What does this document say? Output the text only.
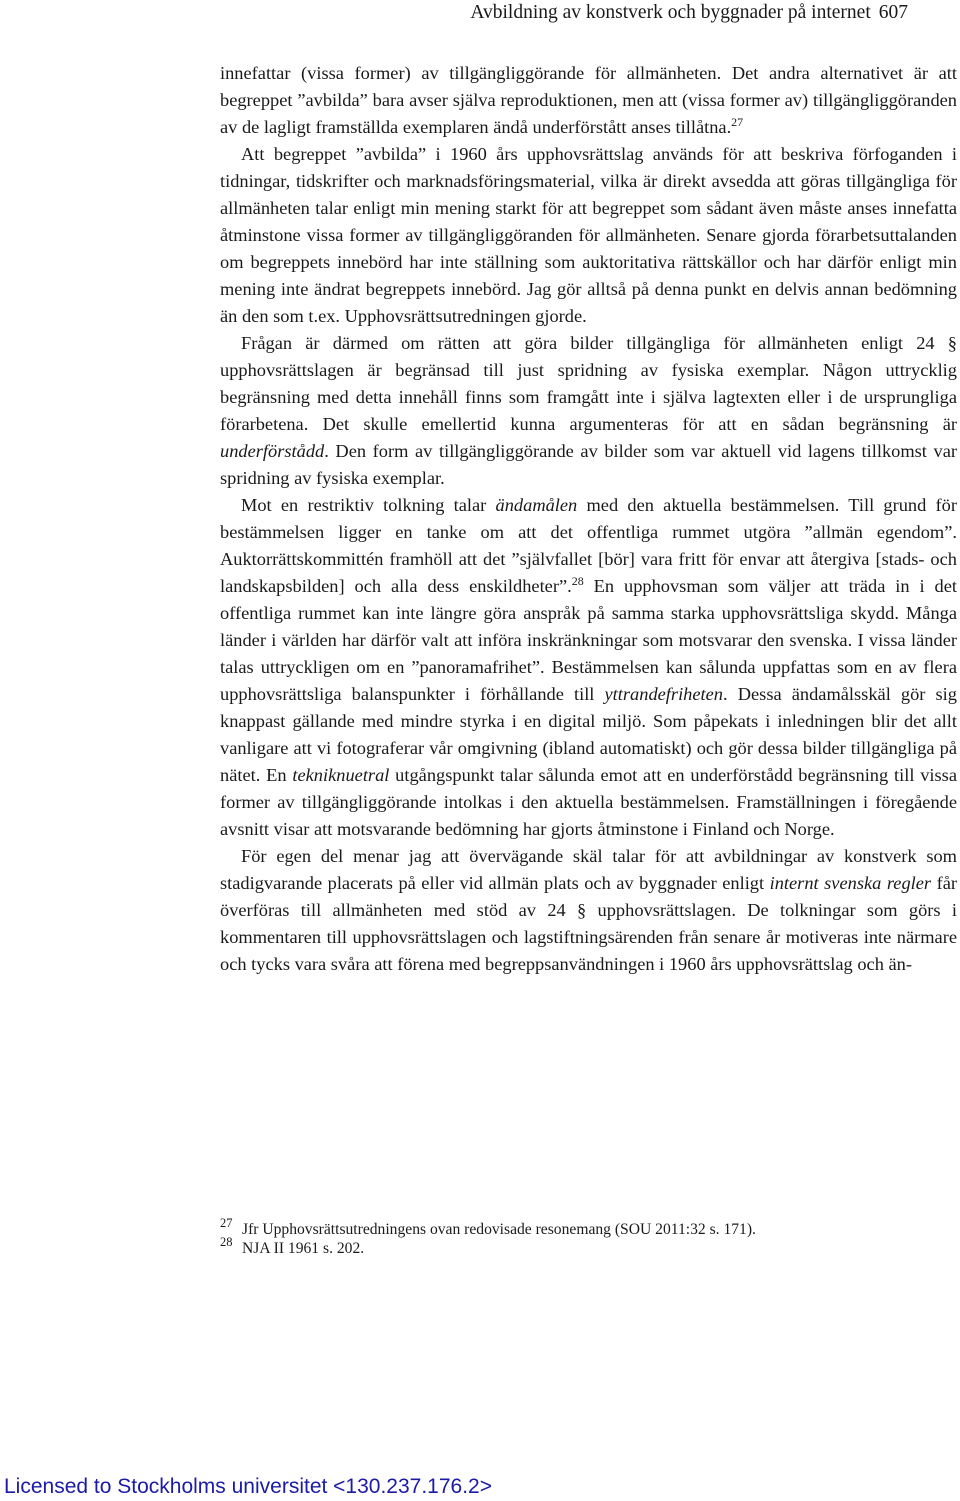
Avbildning av konstverk och byggnader på internet 607

innefattar (vissa former) av tillgängliggörande för allmänheten. Det andra alternativet är att begreppet ”avbilda” bara avser själva reproduktionen, men att (vissa former av) tillgängliggöranden av de lagligt framställda exemplaren ändå underförstått anses tillåtna.$^{27}$

Att begreppet ”avbilda” i 1960 års upphovsrättslag används för att beskriva förfoganden i tidningar, tidskrifter och marknadsföringsmaterial, vilka är direkt avsedda att göras tillgängliga för allmänheten talar enligt min mening starkt för att begreppet som sådant även måste anses innefatta åtminstone vissa former av tillgängliggöranden för allmänheten. Senare gjorda förarbetsuttalanden om begreppets innebörd har inte ställning som auktoritativa rättskällor och har därför enligt min mening inte ändrat begreppets innebörd. Jag gör alltså på denna punkt en delvis annan bedömning än den som t.ex. Upphovsrättsutredningen gjorde.

Frågan är därmed om rätten att göra bilder tillgängliga för allmänheten enligt 24 § upphovsrättslagen är begränsad till just spridning av fysiska exemplar. Någon uttrycklig begränsning med detta innehåll finns som framgått inte i själva lagtexten eller i de ursprungliga förarbetena. Det skulle emellertid kunna argumenteras för att en sådan begränsning är underförstådd. Den form av tillgängliggörande av bilder som var aktuell vid lagens tillkomst var spridning av fysiska exemplar.

Mot en restriktiv tolkning talar ändamålen med den aktuella bestämmelsen. Till grund för bestämmelsen ligger en tanke om att det offentliga rummet utgöra ”allmän egendom”. Auktorrättskommittén framhöll att det ”självfallet [bör] vara fritt för envar att återgiva [stads- och landskapsbilden] och alla dess enskildheter”.$^{28}$ En upphovsman som väljer att träda in i det offentliga rummet kan inte längre göra anspråk på samma starka upphovsrättsliga skydd. Många länder i världen har därför valt att införa inskränkningar som motsvarar den svenska. I vissa länder talas uttryckligen om en ”panoramafrihet”. Bestämmelsen kan sålunda uppfattas som en av flera upphovsrättsliga balanspunkter i förhållande till yttrandefriheten. Dessa ändamålsskäl gör sig knappast gällande med mindre styrka i en digital miljö. Som påpekats i inledningen blir det allt vanligare att vi fotograferar vår omgivning (ibland automatiskt) och gör dessa bilder tillgängliga på nätet. En tekniknuetral utgångspunkt talar sålunda emot att en underförstådd begränsning till vissa former av tillgängliggörande intolkas i den aktuella bestämmelsen. Framställningen i föregående avsnitt visar att motsvarande bedömning har gjorts åtminstone i Finland och Norge.

För egen del menar jag att övervägande skäl talar för att avbildningar av konstverk som stadigvarande placerats på eller vid allmän plats och av byggnader enligt internt svenska regler får överföras till allmänheten med stöd av 24 § upphovsrättslagen. De tolkningar som görs i kommentaren till upphovsrättslagen och lagstiftningsärenden från senare år motiveras inte närmare och tycks vara svåra att förena med begreppsanvändningen i 1960 års upphovsrättslag och än-

27 Jfr Upphovsrättsutredningens ovan redovisade resonemang (SOU 2011:32 s. 171).

28 NJA II 1961 s. 202.

Licensed to Stockholms universitet <130.237.176.2>
